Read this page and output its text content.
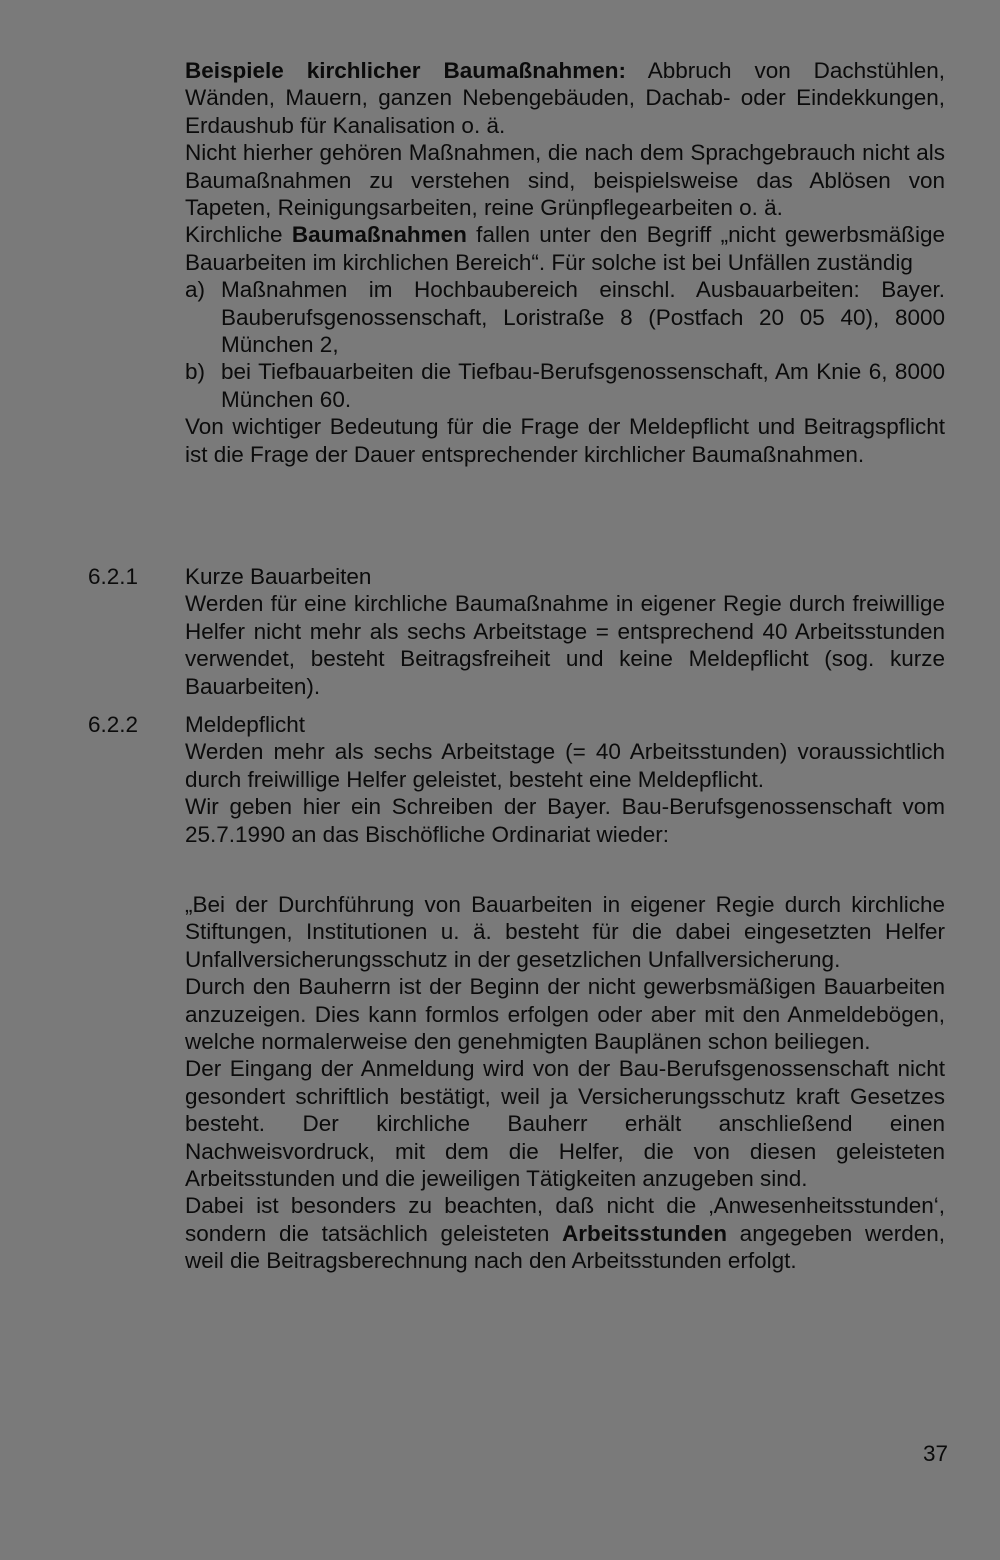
Beispiele kirchlicher Baumaßnahmen: Abbruch von Dachstühlen, Wänden, Mauern, ganzen Nebengebäuden, Dachab- oder Eindekkungen, Erdaushub für Kanalisation o. ä.

Nicht hierher gehören Maßnahmen, die nach dem Sprachgebrauch nicht als Baumaßnahmen zu verstehen sind, beispielsweise das Ablösen von Tapeten, Reinigungsarbeiten, reine Grünpflegearbeiten o. ä.

Kirchliche Baumaßnahmen fallen unter den Begriff „nicht gewerbsmäßige Bauarbeiten im kirchlichen Bereich“. Für solche ist bei Unfällen zuständig

a) Maßnahmen im Hochbaubereich einschl. Ausbauarbeiten: Bayer. Bauberufsgenossenschaft, Loristraße 8 (Postfach 20 05 40), 8000 München 2,
b) bei Tiefbauarbeiten die Tiefbau-Berufsgenossenschaft, Am Knie 6, 8000 München 60.

Von wichtiger Bedeutung für die Frage der Meldepflicht und Beitragspflicht ist die Frage der Dauer entsprechender kirchlicher Baumaßnahmen.

6.2.1 Kurze Bauarbeiten

Werden für eine kirchliche Baumaßnahme in eigener Regie durch freiwillige Helfer nicht mehr als sechs Arbeitstage = entsprechend 40 Arbeitsstunden verwendet, besteht Beitragsfreiheit und keine Meldepflicht (sog. kurze Bauarbeiten).

6.2.2 Meldepflicht

Werden mehr als sechs Arbeitstage (= 40 Arbeitsstunden) voraussichtlich durch freiwillige Helfer geleistet, besteht eine Meldepflicht.

Wir geben hier ein Schreiben der Bayer. Bau-Berufsgenossenschaft vom 25.7.1990 an das Bischöfliche Ordinariat wieder:

„Bei der Durchführung von Bauarbeiten in eigener Regie durch kirchliche Stiftungen, Institutionen u. ä. besteht für die dabei eingesetzten Helfer Unfallversicherungsschutz in der gesetzlichen Unfallversicherung.

Durch den Bauherrn ist der Beginn der nicht gewerbsmäßigen Bauarbeiten anzuzeigen. Dies kann formlos erfolgen oder aber mit den Anmeldebögen, welche normalerweise den genehmigten Bauplänen schon beiliegen.

Der Eingang der Anmeldung wird von der Bau-Berufsgenossenschaft nicht gesondert schriftlich bestätigt, weil ja Versicherungsschutz kraft Gesetzes besteht. Der kirchliche Bauherr erhält anschließend einen Nachweisvordruck, mit dem die Helfer, die von diesen geleisteten Arbeitsstunden und die jeweiligen Tätigkeiten anzugeben sind.

Dabei ist besonders zu beachten, daß nicht die ‚Anwesenheitsstunden‘, sondern die tatsächlich geleisteten Arbeitsstunden angegeben werden, weil die Beitragsberechnung nach den Arbeitsstunden erfolgt.

37
